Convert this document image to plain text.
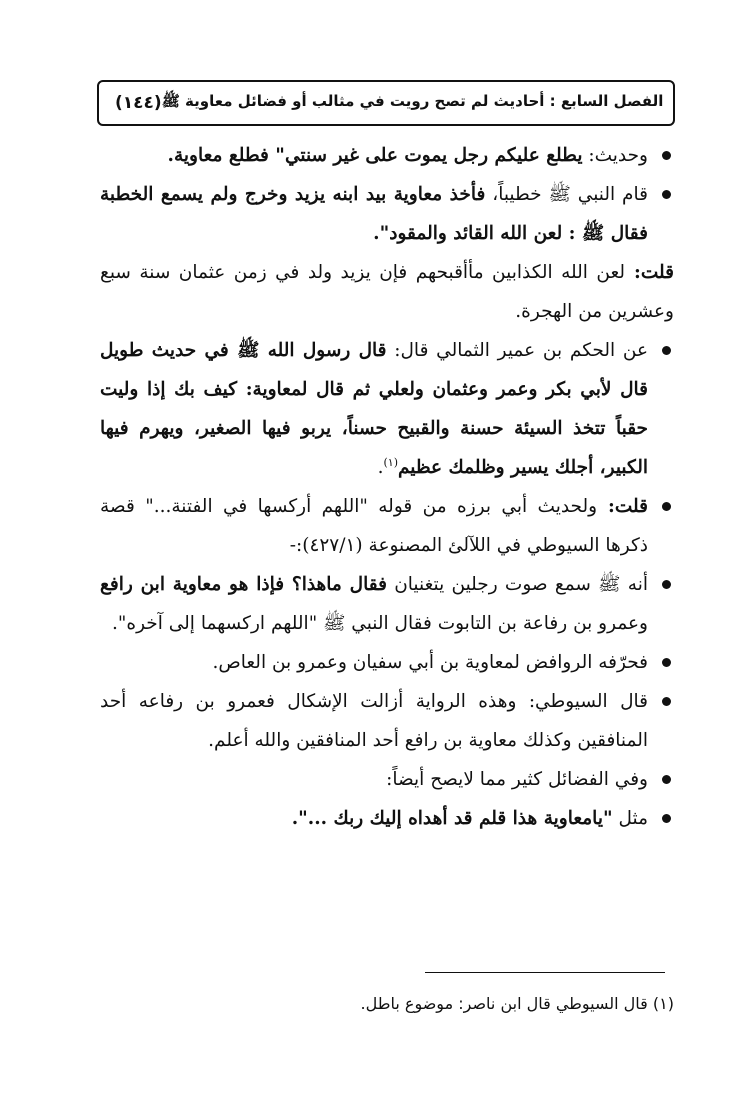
(١٤٤) الفصل السابع : أحاديث لم تصح رويت في مثالب أو فضائل معاوية ﷺ

وحديث: يطلع عليكم رجل يموت على غير سنتي" فطلع معاوية.

قام النبي ﷺ خطيباً، فأخذ معاوية بيد ابنه يزيد وخرج ولم يسمع الخطبة فقال ﷺ : لعن الله القائد والمقود".

قلت: لعن الله الكذابين مأأقبحهم فإن يزيد ولد في زمن عثمان سنة سبع وعشرين من الهجرة.

عن الحكم بن عمير الثمالي قال: قال رسول الله ﷺ في حديث طويل قال لأبي بكر وعمر وعثمان ولعلي ثم قال لمعاوية: كيف بك إذا وليت حقباً تتخذ السيئة حسنة والقبيح حسناً، يربو فيها الصغير، ويهرم فيها الكبير، أجلك يسير وظلمك عظيم$^{(١)}$.

قلت: ولحديث أبي برزه من قوله "اللهم أركسها في الفتنة..." قصة ذكرها السيوطي في اللآلئ المصنوعة (٤٢٧/١):-

أنه ﷺ سمع صوت رجلين يتغنيان فقال ماهذا؟ فإذا هو معاوية ابن رافع وعمرو بن رفاعة بن التابوت فقال النبي ﷺ "اللهم اركسهما إلى آخره".

فحرّفه الروافض لمعاوية بن أبي سفيان وعمرو بن العاص.

قال السيوطي: وهذه الرواية أزالت الإشكال فعمرو بن رفاعه أحد المنافقين وكذلك معاوية بن رافع أحد المنافقين والله أعلم.

وفي الفضائل كثير مما لايصح أيضاً:

مثل "يامعاوية هذا قلم قد أهداه إليك ربك ...".

(١) قال السيوطي قال ابن ناصر: موضوع باطل.
